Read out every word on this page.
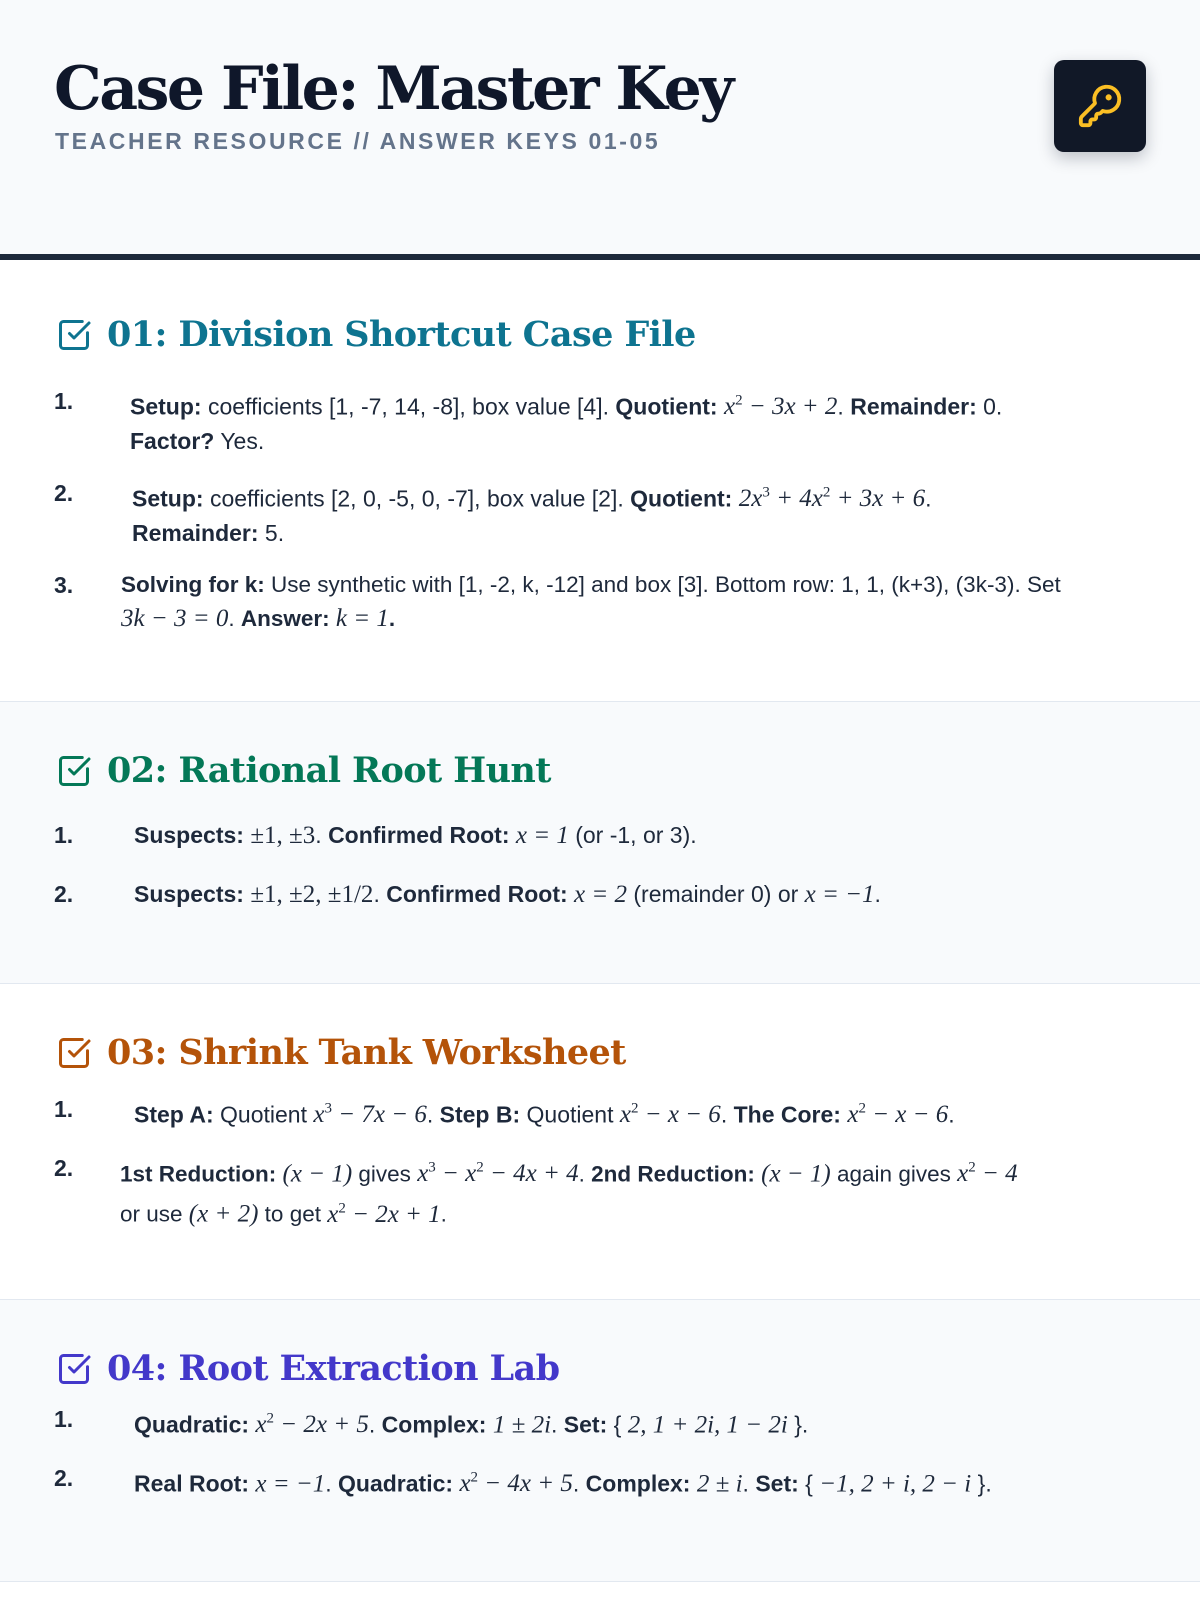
Case File: Master Key
TEACHER RESOURCE // ANSWER KEYS 01-05
01: Division Shortcut Case File
1. Setup: coefficients [1, -7, 14, -8], box value [4]. Quotient: $x^2 - 3x + 2$. Remainder: 0.
Factor? Yes.
2.	Setup: coefficients [2, 0, -5, 0, -7], box value [2]. Quotient: $2x^3 + 4x^2 + 3x + 6$.
Remainder: 5.
3. Solving for k: Use synthetic with [1, -2, k, -12] and box [3]. Bottom row: 1, 1, (k+3), (3k-3). Set
3k − 3 = 0. Answer: k = 1.
02: Rational Root Hunt
1.	Suspects: ±1, ±3. Confirmed Root: x = 1 (or -1, or 3).
2.	Suspects: ±1, ±2, ±1/2. Confirmed Root: x = 2 (remainder 0) or x = −1.
03: Shrink Tank Worksheet
1.	Step A: Quotient $x^3 - 7x - 6$. Step B: Quotient $x^2 - x - 6$. The Core: $x^2 - x - 6$.
2. 1st Reduction: (x − 1) gives $x^3 - x^2 - 4x + 4$. 2nd Reduction: (x − 1) again gives $x^2 - 4$
or use (x + 2) to get $x^2 - 2x + 1$.
04: Root Extraction Lab
1.	Quadratic: $x^2 - 2x + 5$. Complex: 1 ± 2i. Set: { 2, 1 + 2i, 1 − 2i }.
2.	Real Root: x = −1. Quadratic: $x^2 - 4x + 5$. Complex: 2 ± i. Set: { −1, 2 + i, 2 − i }.
